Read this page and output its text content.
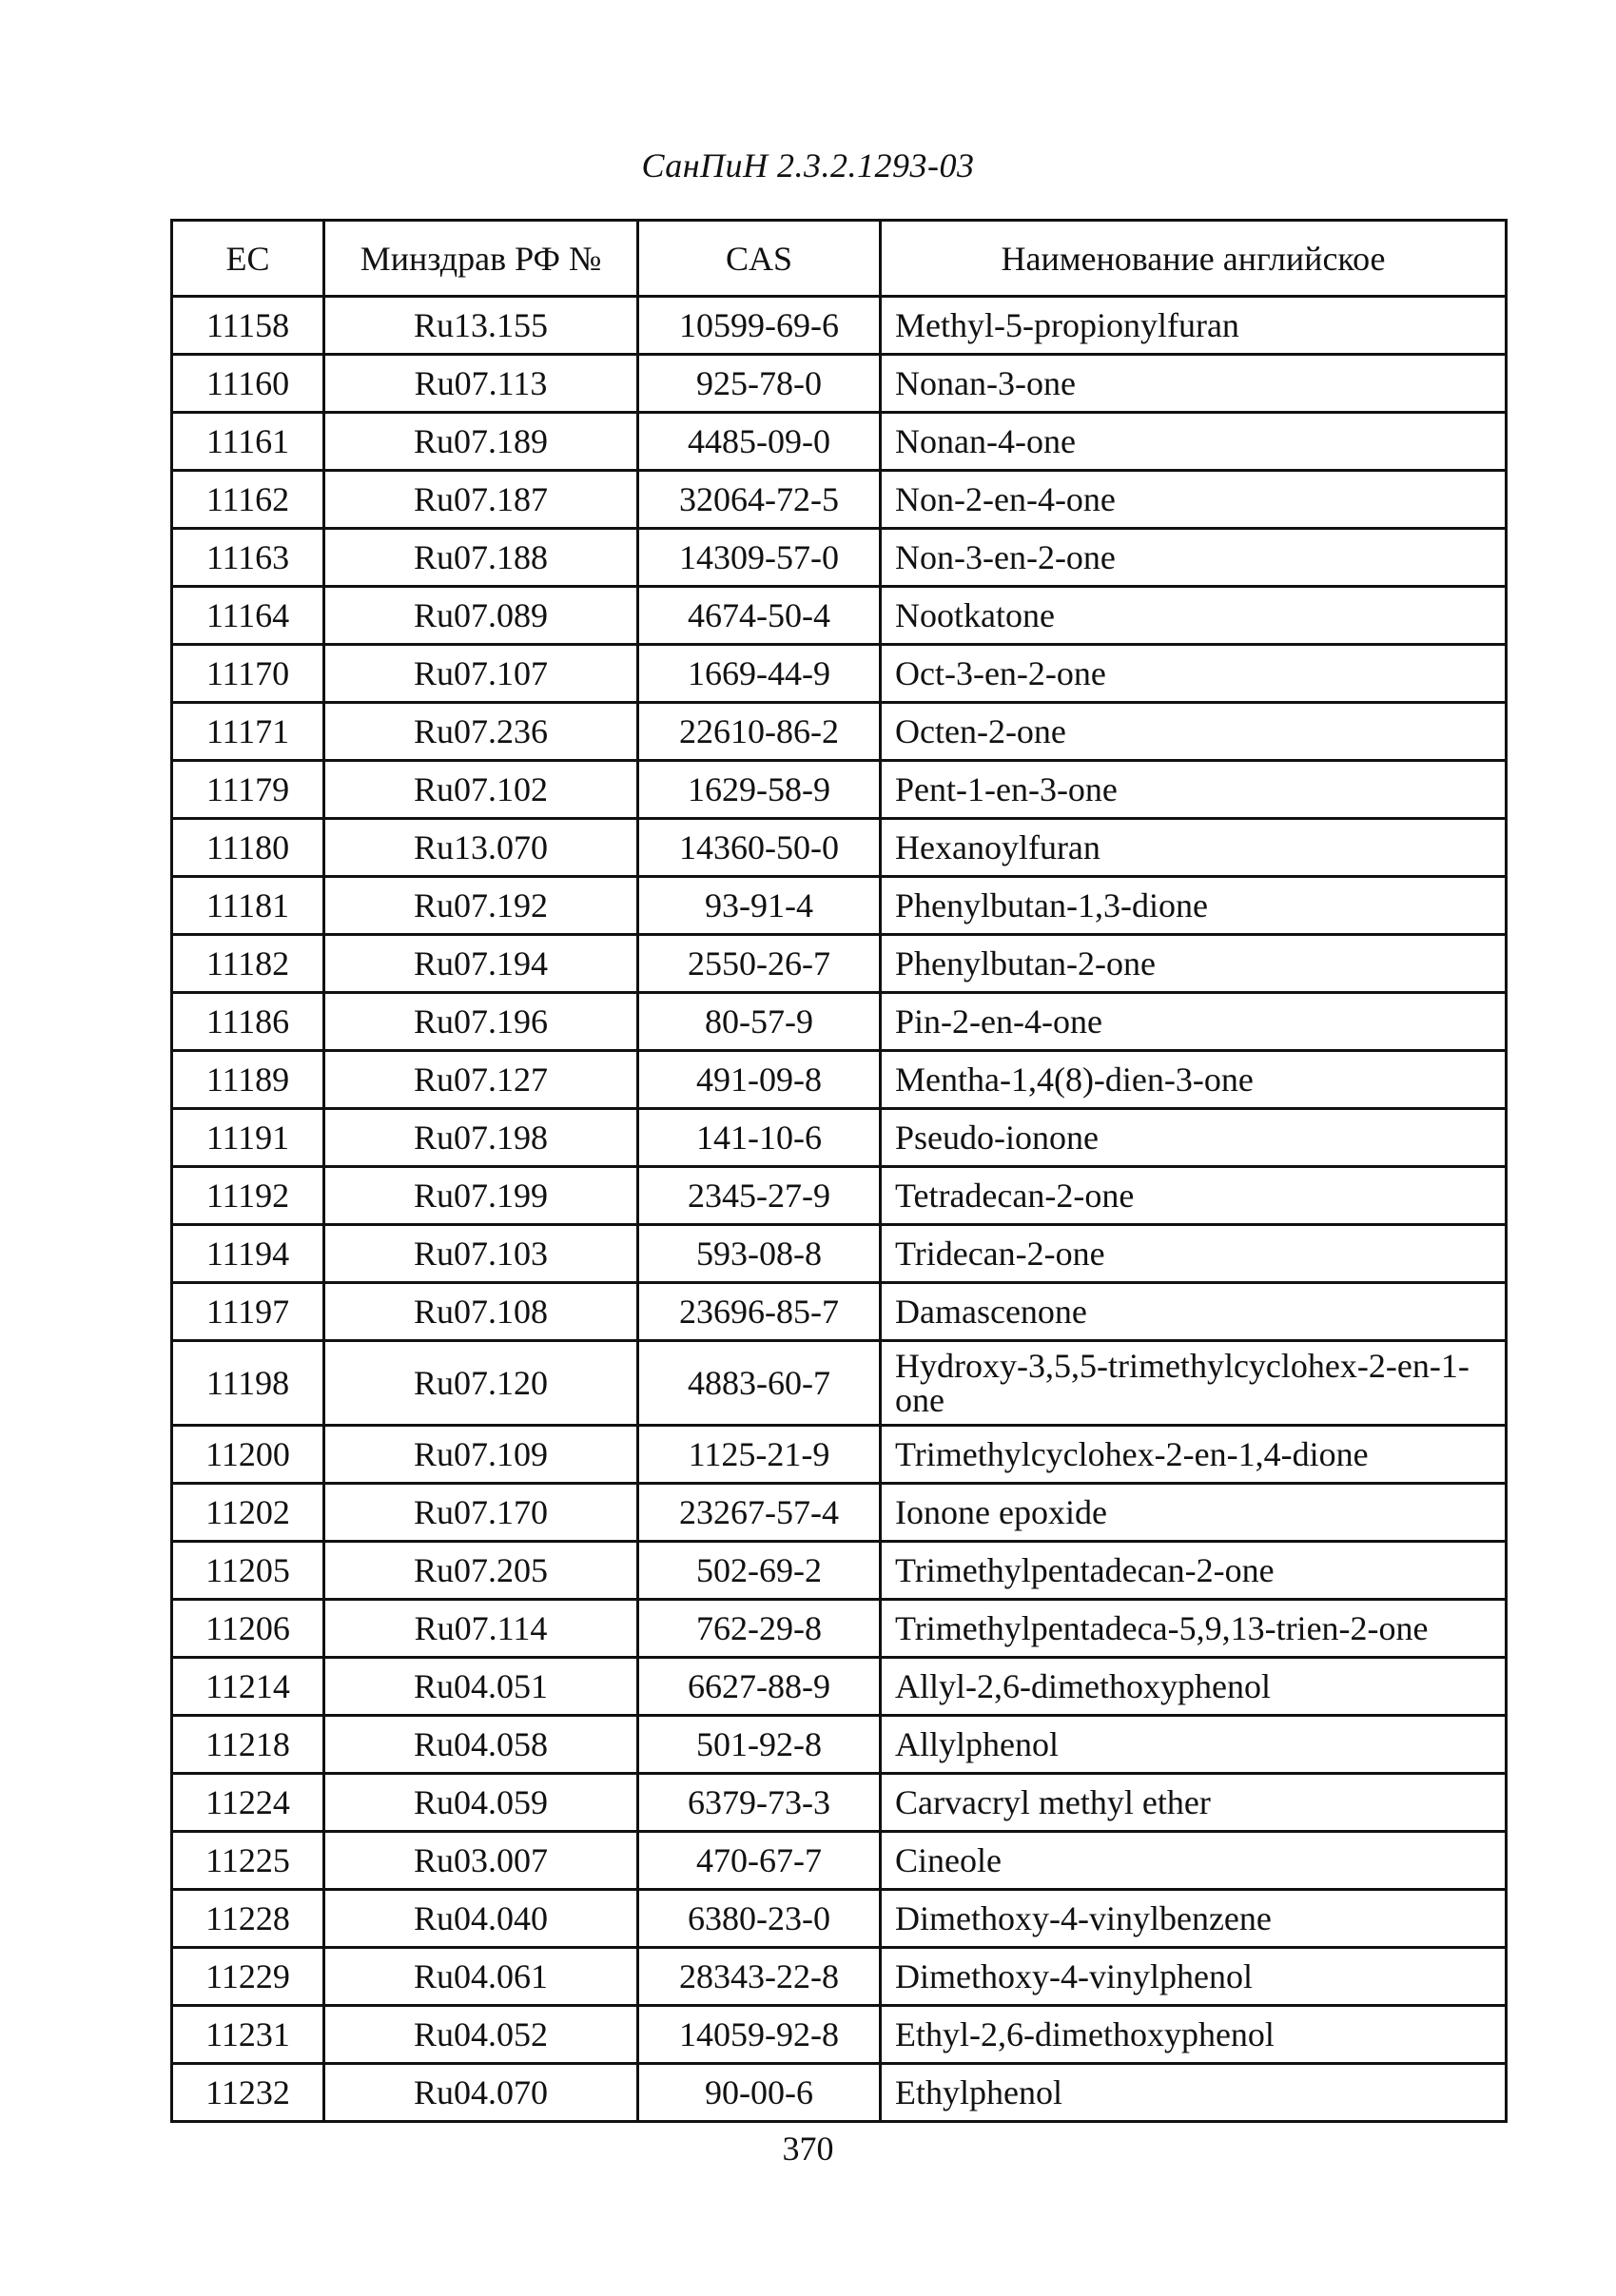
СанПиН 2.3.2.1293-03
EC	Минздрав РФ №	CAS	Наименование английское
11158	Ru13.155	10599-69-6	Methyl-5-propionylfuran
11160	Ru07.113	925-78-0	Nonan-3-one
11161	Ru07.189	4485-09-0	Nonan-4-one
11162	Ru07.187	32064-72-5	Non-2-en-4-one
11163	Ru07.188	14309-57-0	Non-3-en-2-one
11164	Ru07.089	4674-50-4	Nootkatone
11170	Ru07.107	1669-44-9	Oct-3-en-2-one
11171	Ru07.236	22610-86-2	Octen-2-one
11179	Ru07.102	1629-58-9	Pent-1-en-3-one
11180	Ru13.070	14360-50-0	Hexanoylfuran
11181	Ru07.192	93-91-4	Phenylbutan-1,3-dione
11182	Ru07.194	2550-26-7	Phenylbutan-2-one
11186	Ru07.196	80-57-9	Pin-2-en-4-one
11189	Ru07.127	491-09-8	Mentha-1,4(8)-dien-3-one
11191	Ru07.198	141-10-6	Pseudo-ionone
11192	Ru07.199	2345-27-9	Tetradecan-2-one
11194	Ru07.103	593-08-8	Tridecan-2-one
11197	Ru07.108	23696-85-7	Damascenone
11198	Ru07.120	4883-60-7	Hydroxy-3,5,5-trimethylcyclohex-2-en-1-one
11200	Ru07.109	1125-21-9	Trimethylcyclohex-2-en-1,4-dione
11202	Ru07.170	23267-57-4	Ionone epoxide
11205	Ru07.205	502-69-2	Trimethylpentadecan-2-one
11206	Ru07.114	762-29-8	Trimethylpentadeca-5,9,13-trien-2-one
11214	Ru04.051	6627-88-9	Allyl-2,6-dimethoxyphenol
11218	Ru04.058	501-92-8	Allylphenol
11224	Ru04.059	6379-73-3	Carvacryl methyl ether
11225	Ru03.007	470-67-7	Cineole
11228	Ru04.040	6380-23-0	Dimethoxy-4-vinylbenzene
11229	Ru04.061	28343-22-8	Dimethoxy-4-vinylphenol
11231	Ru04.052	14059-92-8	Ethyl-2,6-dimethoxyphenol
11232	Ru04.070	90-00-6	Ethylphenol
370
